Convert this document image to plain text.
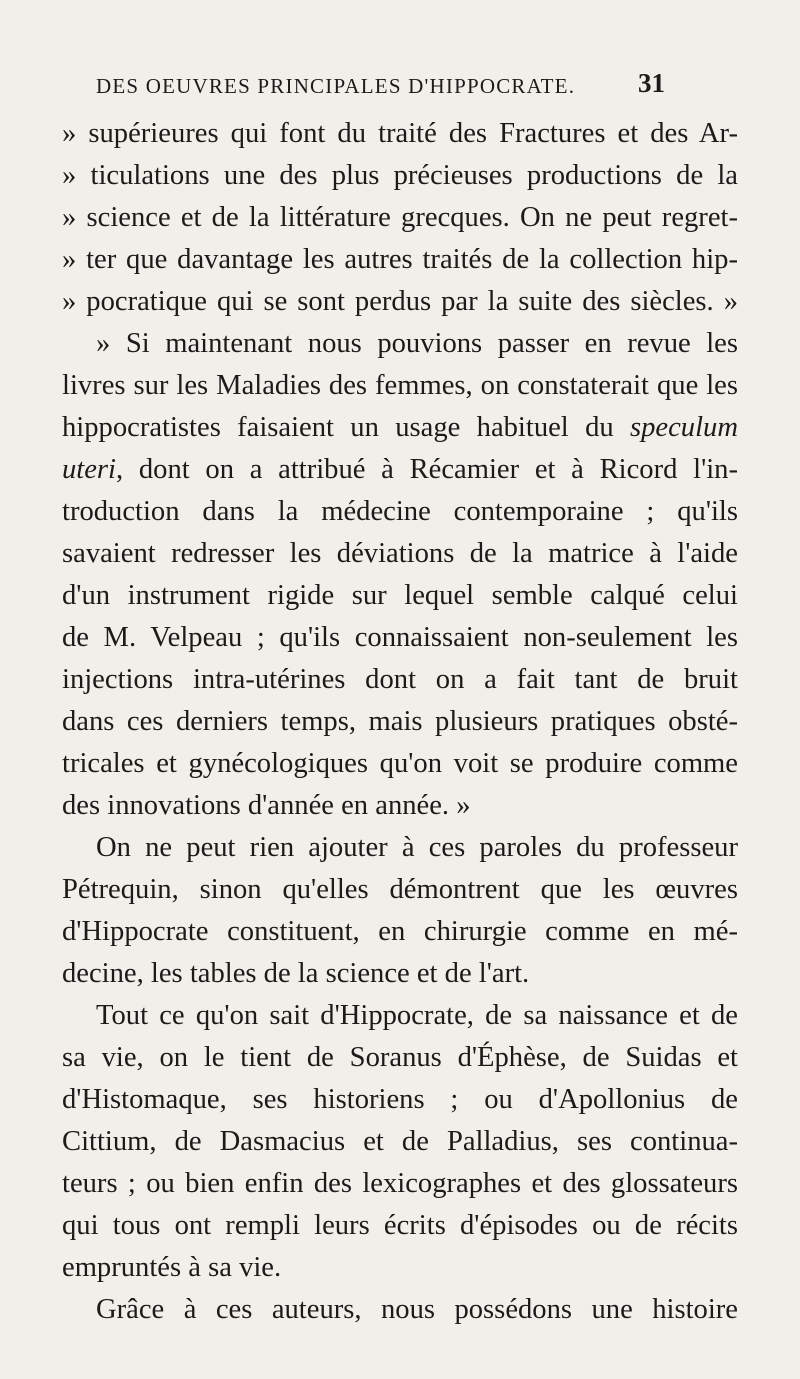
DES OEUVRES PRINCIPALES D'HIPPOCRATE.	31
» supérieures qui font du traité des Fractures et des Ar-
» ticulations une des plus précieuses productions de la
» science et de la littérature grecques. On ne peut regret-
» ter que davantage les autres traités de la collection hip-
» pocratique qui se sont perdus par la suite des siècles. »
» Si maintenant nous pouvions passer en revue les
livres sur les Maladies des femmes, on constaterait que les
hippocratistes faisaient un usage habituel du speculum
uteri, dont on a attribué à Récamier et à Ricord l'in-
troduction dans la médecine contemporaine ; qu'ils
savaient redresser les déviations de la matrice à l'aide
d'un instrument rigide sur lequel semble calqué celui
de M. Velpeau ; qu'ils connaissaient non-seulement les
injections intra-utérines dont on a fait tant de bruit
dans ces derniers temps, mais plusieurs pratiques obsté-
tricales et gynécologiques qu'on voit se produire comme
des innovations d'année en année. »
On ne peut rien ajouter à ces paroles du professeur
Pétrequin, sinon qu'elles démontrent que les œuvres
d'Hippocrate constituent, en chirurgie comme en mé-
decine, les tables de la science et de l'art.
Tout ce qu'on sait d'Hippocrate, de sa naissance et de
sa vie, on le tient de Soranus d'Éphèse, de Suidas et
d'Histomaque, ses historiens ; ou d'Apollonius de
Cittium, de Dasmacius et de Palladius, ses continua-
teurs ; ou bien enfin des lexicographes et des glossateurs
qui tous ont rempli leurs écrits d'épisodes ou de récits
empruntés à sa vie.
Grâce à ces auteurs, nous possédons une histoire
